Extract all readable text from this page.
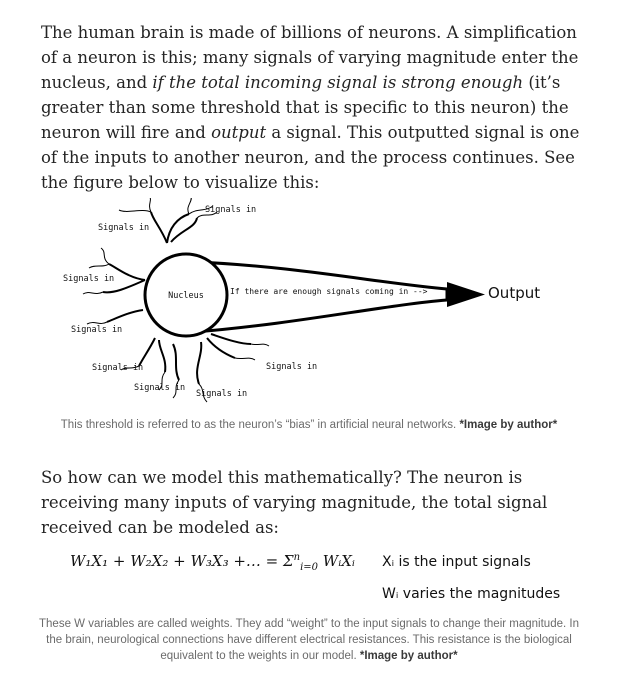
The human brain is made of billions of neurons. A simplification of a neuron is this; many signals of varying magnitude enter the nucleus, and if the total incoming signal is strong enough (it’s greater than some threshold that is specific to this neuron) the neuron will fire and output a signal. This outputted signal is one of the inputs to another neuron, and the process continues. See the figure below to visualize this:

Nucleus	If there are enough signals coming in -->	Output
Signals in
Signals in
Signals in
Signals in
Signals in
Signals in
Signals in
Signals in

This threshold is referred to as the neuron’s “bias” in artificial neural networks. *Image by author*

So how can we model this mathematically? The neuron is receiving many inputs of varying magnitude, the total signal received can be modeled as:

W₁X₁ + W₂X₂ + W₃X₃ +… = $\Sigma^n_{i=0}$ WᵢXᵢ Xᵢ is the input signals
Wᵢ varies the magnitudes

These W variables are called weights. They add “weight” to the input signals to change their magnitude. In the brain, neurological connections have different electrical resistances. This resistance is the biological equivalent to the weights in our model. *Image by author*
